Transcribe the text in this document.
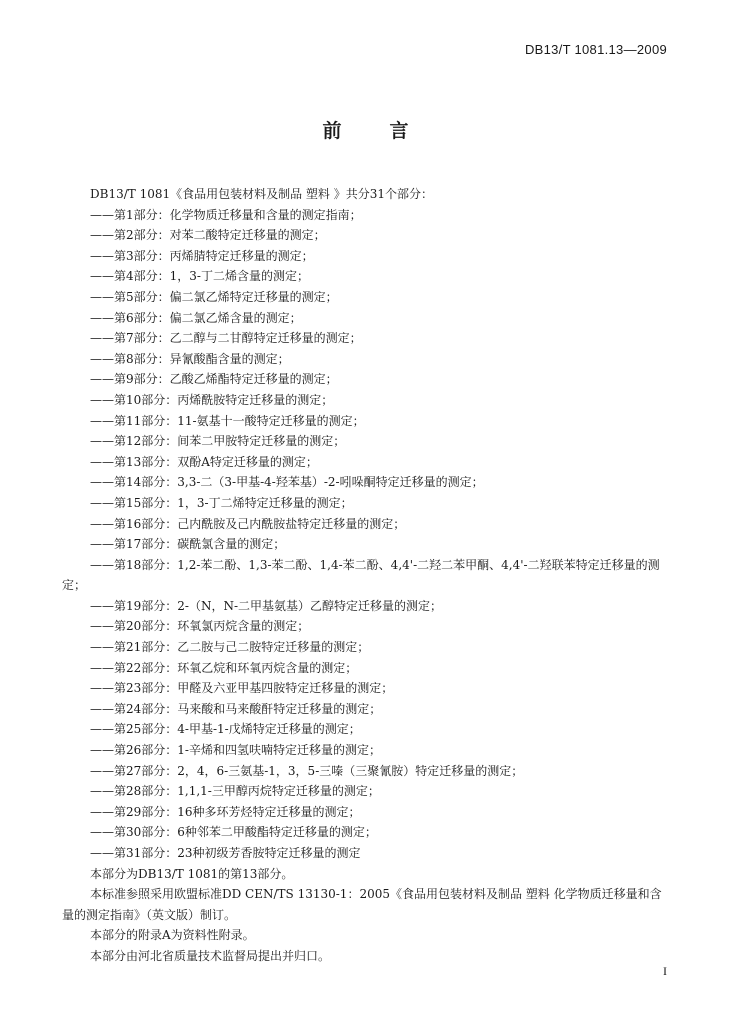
DB13/T 1081.13—2009
前言

DB13/T 1081《食品用包装材料及制品 塑料 》共分31个部分：

——第1部分：化学物质迁移量和含量的测定指南；

——第2部分：对苯二酸特定迁移量的测定；

——第3部分：丙烯腈特定迁移量的测定；

——第4部分：1，3-丁二烯含量的测定；

——第5部分：偏二氯乙烯特定迁移量的测定；

——第6部分：偏二氯乙烯含量的测定；

——第7部分：乙二醇与二甘醇特定迁移量的测定；

——第8部分：异氰酸酯含量的测定；

——第9部分：乙酸乙烯酯特定迁移量的测定；

——第10部分：丙烯酰胺特定迁移量的测定；

——第11部分：11-氨基十一酸特定迁移量的测定；

——第12部分：间苯二甲胺特定迁移量的测定；

——第13部分：双酚A特定迁移量的测定；

——第14部分：3,3-二（3-甲基-4-羟苯基）-2-吲哚酮特定迁移量的测定；

——第15部分：1，3-丁二烯特定迁移量的测定；

——第16部分：己内酰胺及己内酰胺盐特定迁移量的测定；

——第17部分：碳酰氯含量的测定；

——第18部分：1,2-苯二酚、1,3-苯二酚、1,4-苯二酚、4,4'-二羟二苯甲酮、4,4'-二羟联苯特定迁移量的测定；

——第19部分：2-（N，N-二甲基氨基）乙醇特定迁移量的测定；

——第20部分：环氧氯丙烷含量的测定；

——第21部分：乙二胺与己二胺特定迁移量的测定；

——第22部分：环氧乙烷和环氧丙烷含量的测定；

——第23部分：甲醛及六亚甲基四胺特定迁移量的测定；

——第24部分：马来酸和马来酸酐特定迁移量的测定；

——第25部分：4-甲基-1-戊烯特定迁移量的测定；

——第26部分：1-辛烯和四氢呋喃特定迁移量的测定；

——第27部分：2，4，6-三氨基-1，3，5-三嗪（三聚氰胺）特定迁移量的测定；

——第28部分：1,1,1-三甲醇丙烷特定迁移量的测定；

——第29部分：16种多环芳烃特定迁移量的测定；

——第30部分：6种邻苯二甲酸酯特定迁移量的测定；

——第31部分：23种初级芳香胺特定迁移量的测定

本部分为DB13/T 1081的第13部分。

本标准参照采用欧盟标准DD CEN/TS 13130-1：2005《食品用包装材料及制品 塑料 化学物质迁移量和含量的测定指南》（英文版）制订。

本部分的附录A为资料性附录。

本部分由河北省质量技术监督局提出并归口。

I
